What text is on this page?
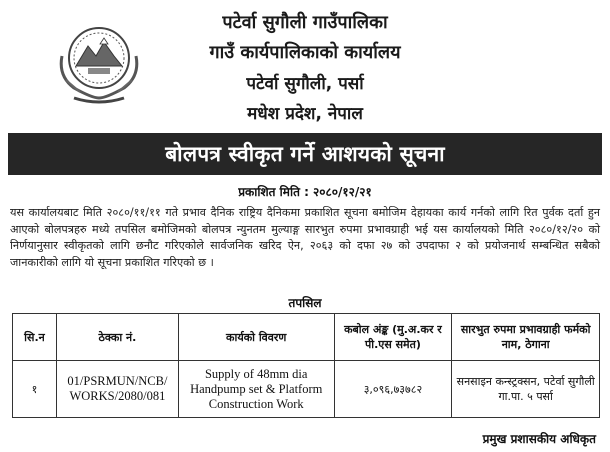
पटेर्वा सुगौली गाउँपालिका
गाउँ कार्यपालिकाको कार्यालय
पटेर्वा सुगौली, पर्सा
मधेश प्रदेश, नेपाल
बोलपत्र स्वीकृत गर्ने आशयको सूचना
प्रकाशित मिति : २०८०/१२/२१
यस कार्यालयबाट मिति २०८०/११/११ गते प्रभाव दैनिक राष्ट्रिय दैनिकमा प्रकाशित सूचना बमोजिम देहायका कार्य गर्नको लागि रित पुर्वक दर्ता हुन आएको बोलपत्रहरु मध्ये तपसिल बमोजिमको बोलपत्र न्युनतम मुल्याङ्ग सारभुत रुपमा प्रभावग्राही भई यस कार्यालयको मिति २०८०/१२/२० को निर्णयानुसार स्वीकृतको लागि छनौट गरिएकोले सार्वजनिक खरिद ऐन, २०६३ को दफा २७ को उपदाफा २ को प्रयोजनार्थ सम्बन्धित सबैको जानकारीको लागि यो सूचना प्रकाशित गरिएको छ ।
तपसिल
सि.न	ठेक्का नं.	कार्यको विवरण	कबोल अंङ्क (मु.अ.कर र पी.एस समेत)	सारभुत रुपमा प्रभावग्राही फर्मको नाम, ठेगाना
१	01/PSRMUN/NCB/ WORKS/2080/081	Supply of 48mm dia Handpump set & Platform Construction Work	३,०९६,७३७८२	सनसाइन कन्स्ट्रक्सन, पटेर्वा सुगौली गा.पा. ५ पर्सा
प्रमुख प्रशासकीय अधिकृत
